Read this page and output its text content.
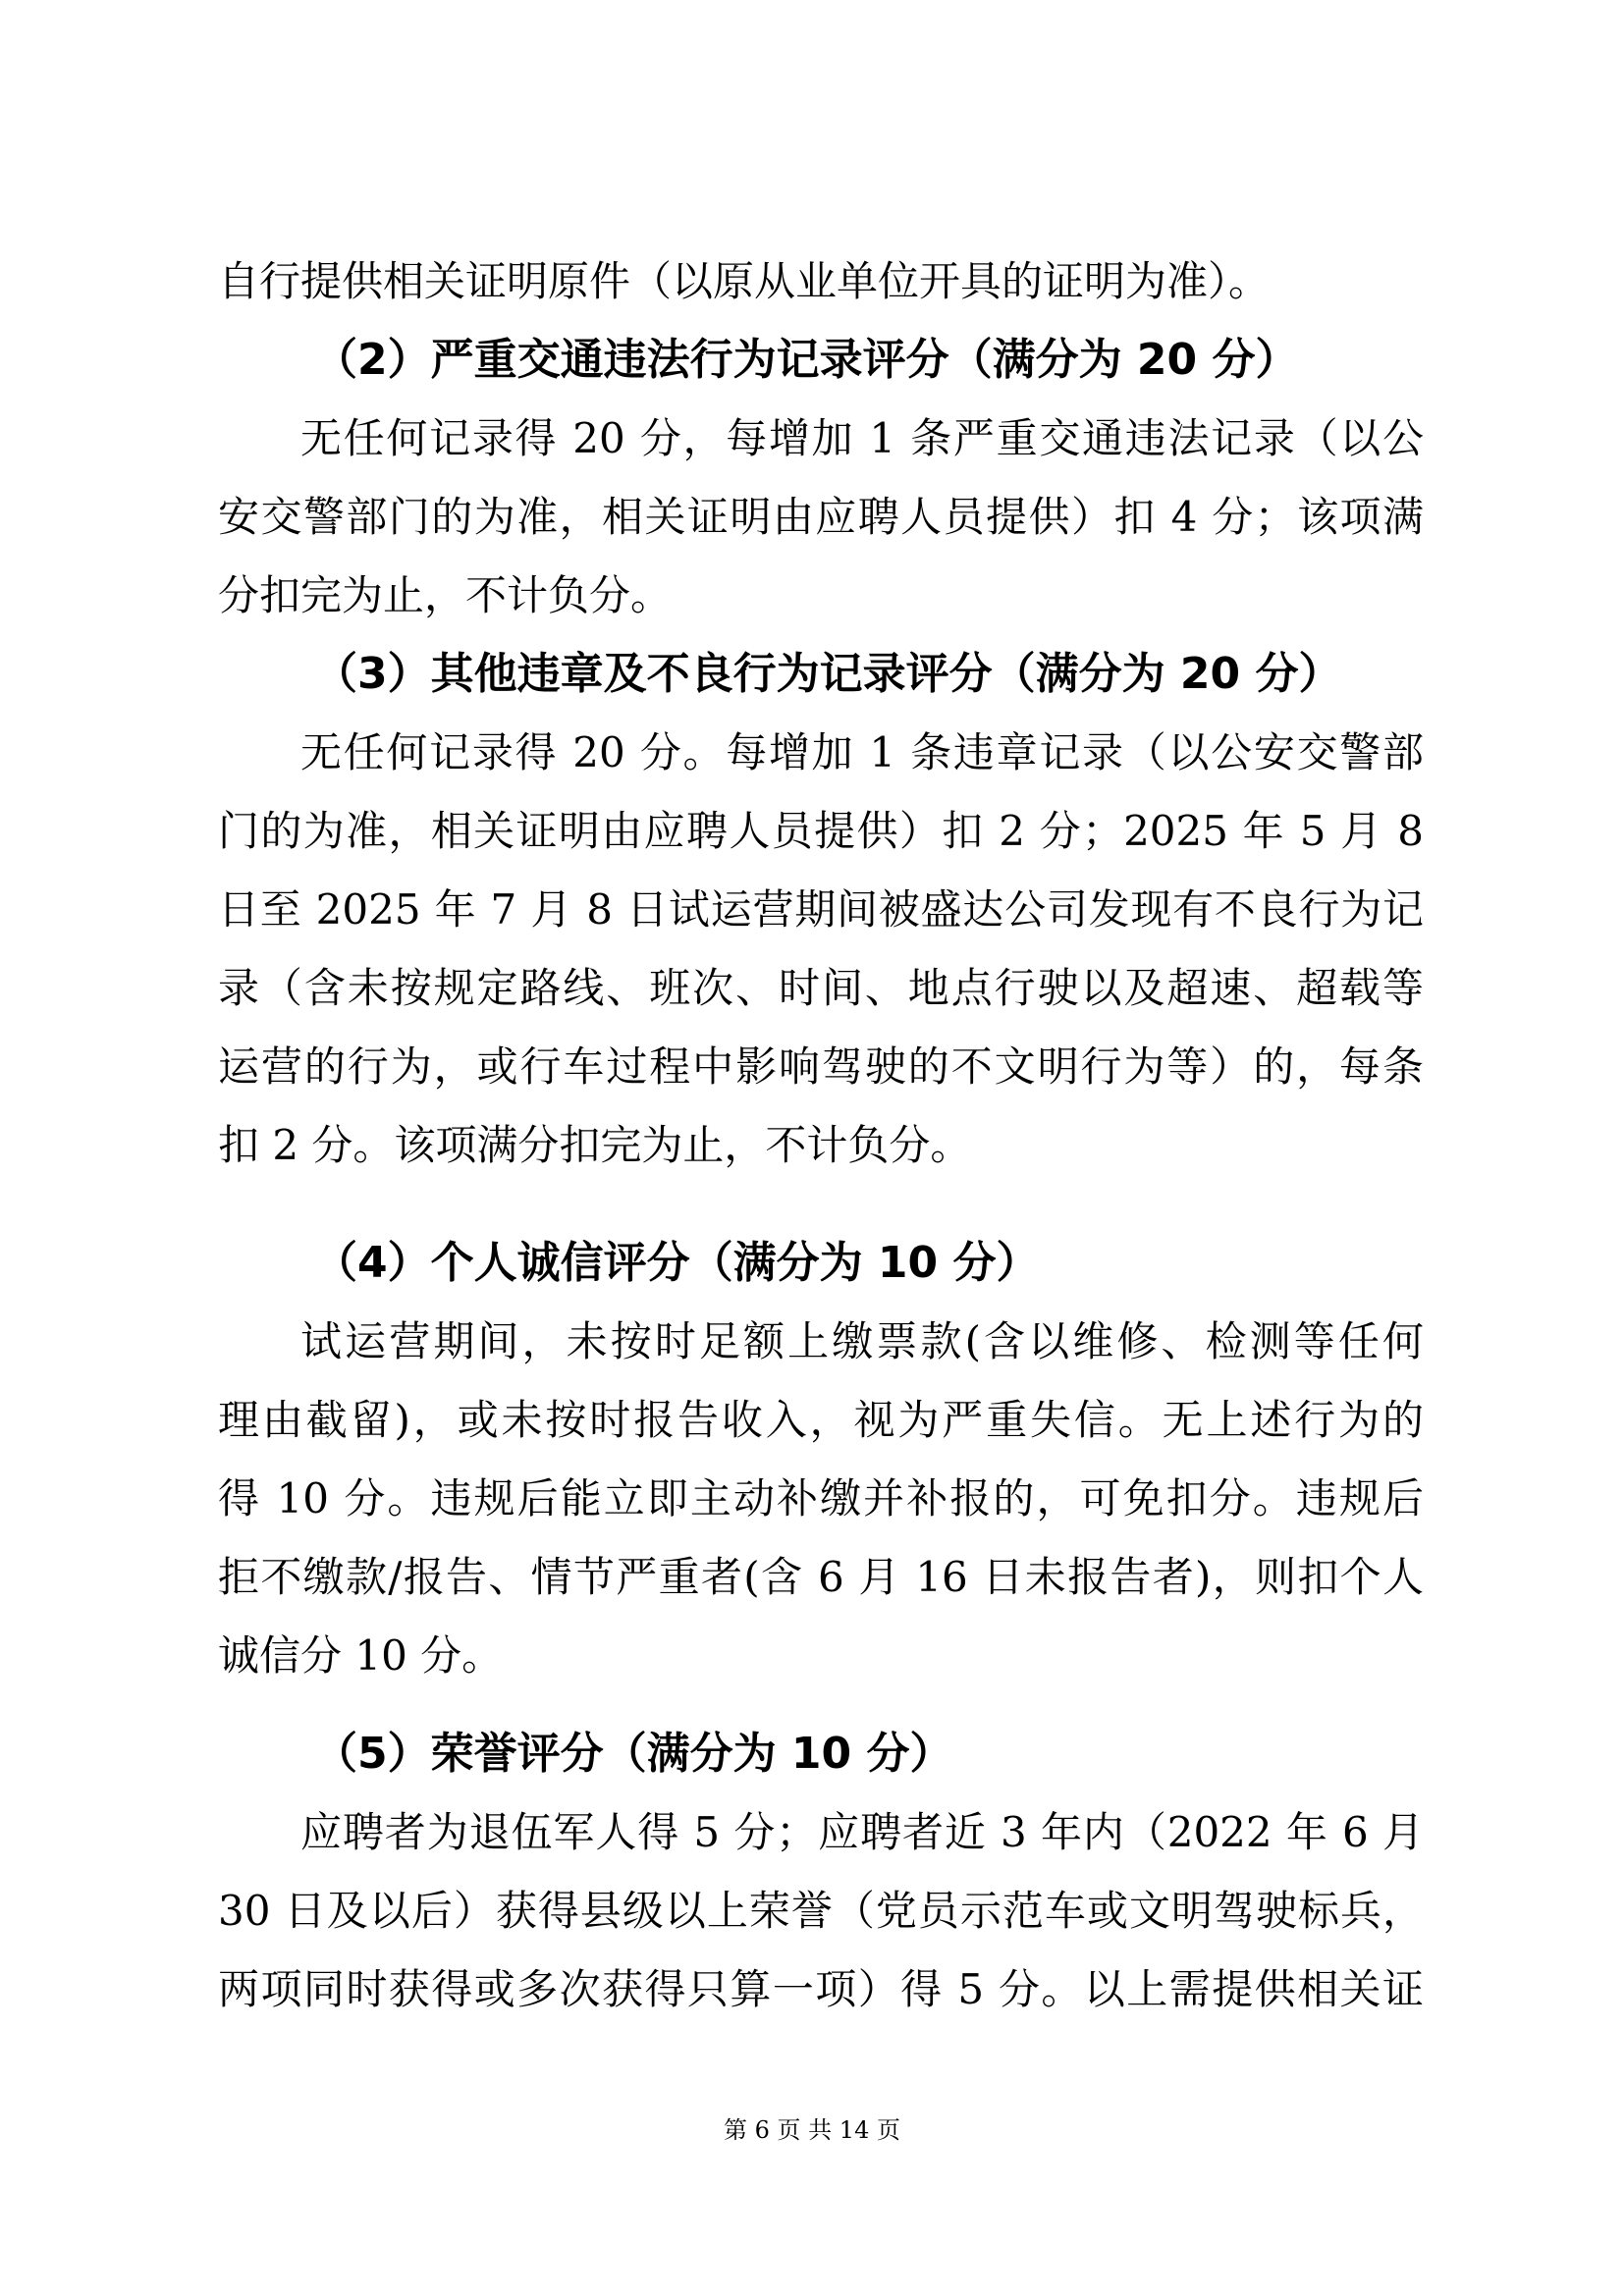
自行提供相关证明原件（以原从业单位开具的证明为准）。
（2）严重交通违法行为记录评分（满分为 20 分）
无任何记录得 20 分，每增加 1 条严重交通违法记录（以公
安交警部门的为准，相关证明由应聘人员提供）扣 4 分；该项满
分扣完为止，不计负分。
（3）其他违章及不良行为记录评分（满分为 20 分）
无任何记录得 20 分。每增加 1 条违章记录（以公安交警部
门的为准，相关证明由应聘人员提供）扣 2 分；2025 年 5 月 8
日至 2025 年 7 月 8 日试运营期间被盛达公司发现有不良行为记
录（含未按规定路线、班次、时间、地点行驶以及超速、超载等
运营的行为，或行车过程中影响驾驶的不文明行为等）的，每条
扣 2 分。该项满分扣完为止，不计负分。
（4）个人诚信评分（满分为 10 分）
试运营期间，未按时足额上缴票款(含以维修、检测等任何
理由截留)，或未按时报告收入，视为严重失信。无上述行为的
得 10 分。违规后能立即主动补缴并补报的，可免扣分。违规后
拒不缴款/报告、情节严重者(含 6 月 16 日未报告者)，则扣个人
诚信分 10 分。
（5）荣誉评分（满分为 10 分）
应聘者为退伍军人得 5 分；应聘者近 3 年内（2022 年 6 月
30 日及以后）获得县级以上荣誉（党员示范车或文明驾驶标兵，
两项同时获得或多次获得只算一项）得 5 分。以上需提供相关证
第 6 页 共 14 页
